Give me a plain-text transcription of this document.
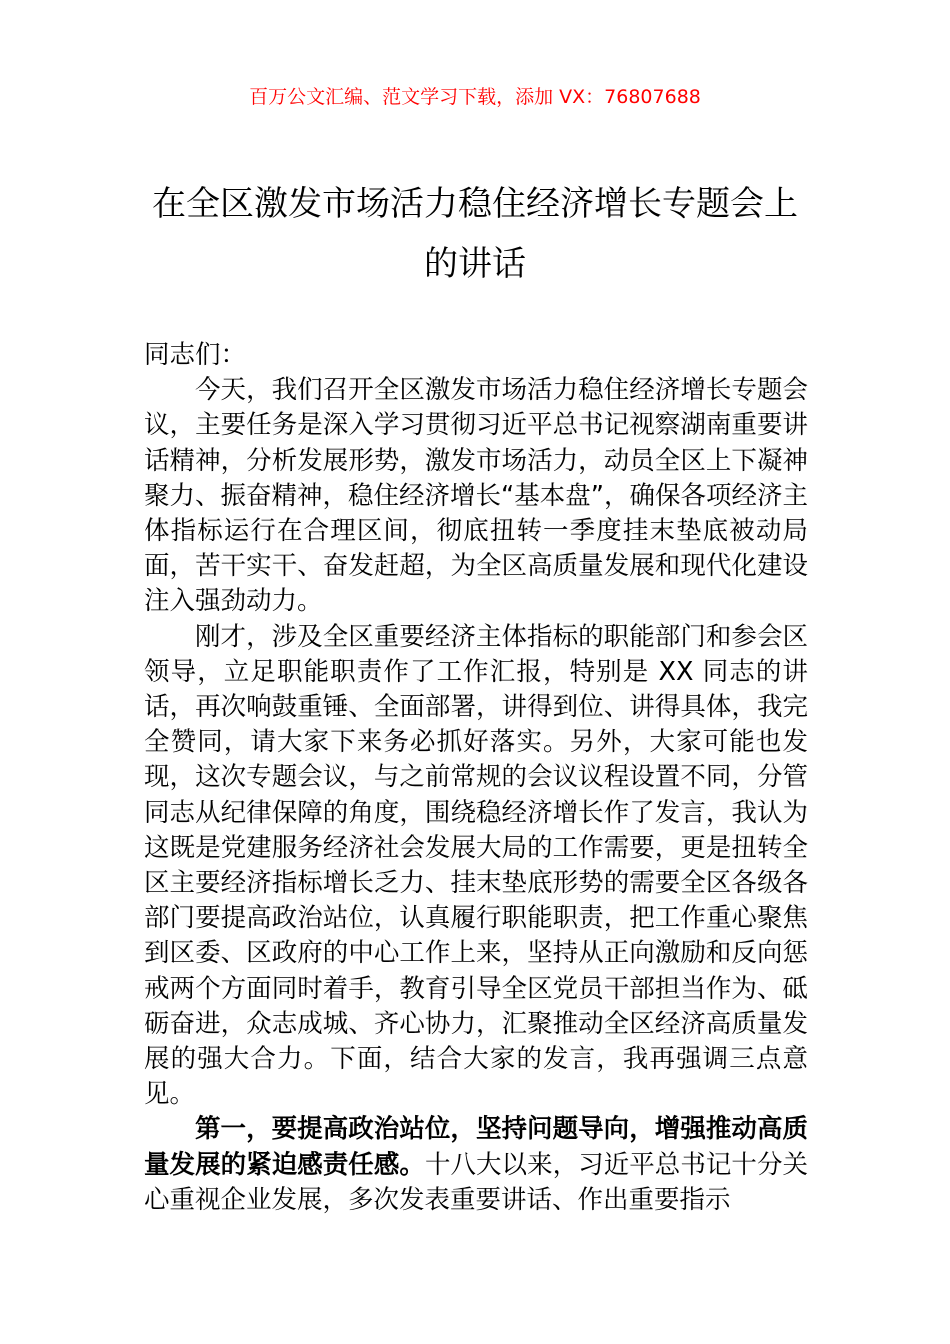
百万公文汇编、范文学习下载，添加 VX：76807688
在全区激发市场活力稳住经济增长专题会上的讲话

同志们：

今天，我们召开全区激发市场活力稳住经济增长专题会议，主要任务是深入学习贯彻习近平总书记视察湖南重要讲话精神，分析发展形势，激发市场活力，动员全区上下凝神聚力、振奋精神，稳住经济增长“基本盘”，确保各项经济主体指标运行在合理区间，彻底扭转一季度挂末垫底被动局面，苦干实干、奋发赶超，为全区高质量发展和现代化建设注入强劲动力。

刚才，涉及全区重要经济主体指标的职能部门和参会区领导，立足职能职责作了工作汇报，特别是 XX 同志的讲话，再次响鼓重锤、全面部署，讲得到位、讲得具体，我完全赞同，请大家下来务必抓好落实。另外，大家可能也发现，这次专题会议，与之前常规的会议议程设置不同，分管同志从纪律保障的角度，围绕稳经济增长作了发言，我认为这既是党建服务经济社会发展大局的工作需要，更是扭转全区主要经济指标增长乏力、挂末垫底形势的需要全区各级各部门要提高政治站位，认真履行职能职责，把工作重心聚焦到区委、区政府的中心工作上来，坚持从正向激励和反向惩戒两个方面同时着手，教育引导全区党员干部担当作为、砥砺奋进，众志成城、齐心协力，汇聚推动全区经济高质量发展的强大合力。下面，结合大家的发言，我再强调三点意见。

第一，要提高政治站位，坚持问题导向，增强推动高质量发展的紧迫感责任感。十八大以来，习近平总书记十分关心重视企业发展，多次发表重要讲话、作出重要指示
